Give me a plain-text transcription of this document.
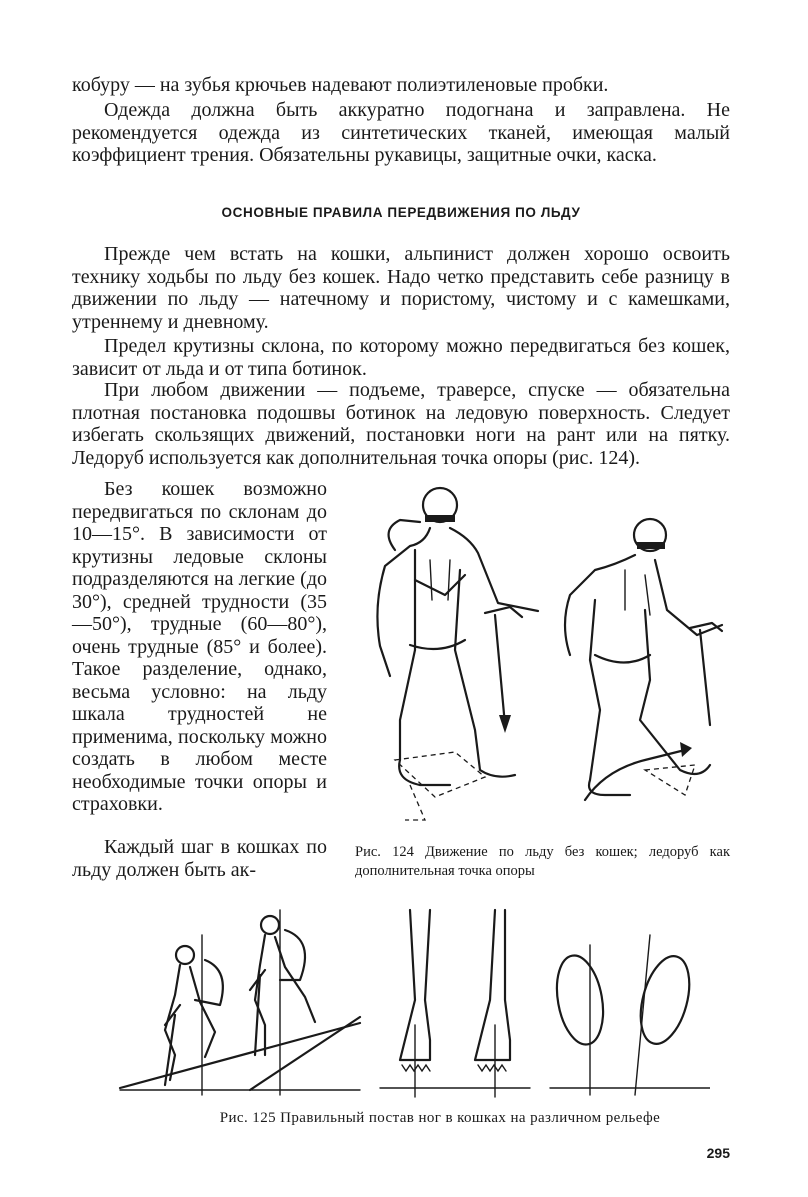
кобуру — на зубья крючьев надевают полиэтиленовые пробки.

Одежда должна быть аккуратно подогнана и заправлена. Не рекомендуется одежда из синтетических тканей, имеющая малый коэффициент трения. Обязательны рукавицы, защитные очки, каска.

ОСНОВНЫЕ ПРАВИЛА ПЕРЕДВИЖЕНИЯ ПО ЛЬДУ

Прежде чем встать на кошки, альпинист должен хорошо освоить технику ходьбы по льду без кошек. Надо четко представить себе разницу в движении по льду — натечному и пористому, чистому и с камешками, утреннему и дневному.

Предел крутизны склона, по которому можно передвигаться без кошек, зависит от льда и от типа ботинок.

При любом движении — подъеме, траверсе, спуске — обязательна плотная постановка подошвы ботинок на ледовую поверхность. Следует избегать скользящих движений, постановки ноги на рант или на пятку. Ледоруб используется как дополнительная точка опоры (рис. 124).

Без кошек возможно передвигаться по склонам до 10—15°. В зависимости от крутизны ледовые склоны подразделяются на легкие (до 30°), средней трудности (35—50°), трудные (60—80°), очень трудные (85° и более). Такое разделение, однако, весьма условно: на льду шкала трудностей не применима, поскольку можно создать в любом месте необходимые точки опоры и страховки.

Каждый шаг в кошках по льду должен быть ак-

Рис. 124 Движение по льду без кошек; ледоруб как дополнительная точка опоры

Рис. 125 Правильный постав ног в кошках на различном рельефе
295
